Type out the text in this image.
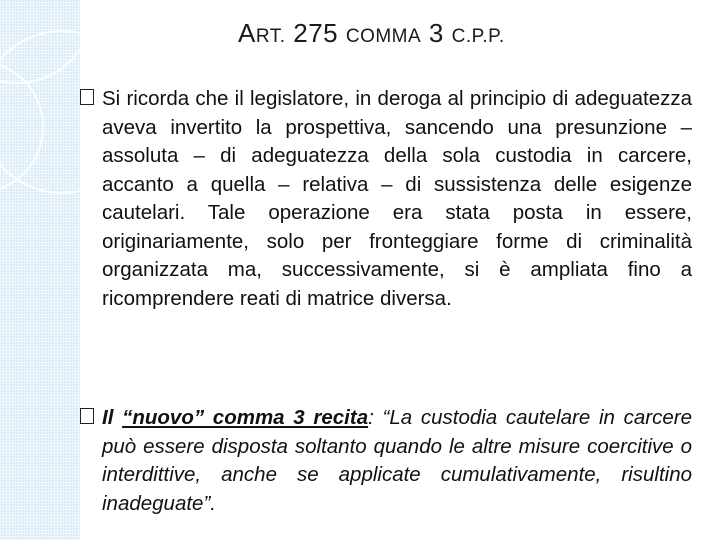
ART. 275 COMMA 3 C.P.P.
Si ricorda che il legislatore, in deroga al principio di adeguatezza aveva invertito la prospettiva, sancendo una presunzione – assoluta – di adeguatezza della sola custodia in carcere, accanto a quella – relativa – di sussistenza delle esigenze cautelari. Tale operazione era stata posta in essere, originariamente, solo per fronteggiare forme di criminalità organizzata ma, successivamente, si è ampliata fino a ricomprendere reati di matrice diversa.
Il “nuovo” comma 3 recita: “La custodia cautelare in carcere può essere disposta soltanto quando le altre misure coercitive o interdittive, anche se applicate cumulativamente, risultino inadeguate”.
